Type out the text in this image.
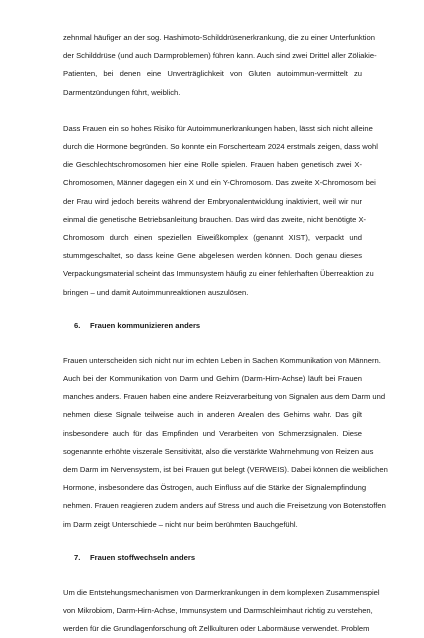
zehnmal häufiger an der sog. Hashimoto-Schilddrüsenerkrankung, die zu einer Unterfunktion
der Schilddrüse (und auch Darmproblemen) führen kann. Auch sind zwei Drittel aller Zöliakie-
Patienten, bei denen eine Unverträglichkeit von Gluten autoimmun-vermittelt zu
Darmentzündungen führt, weiblich.
Dass Frauen ein so hohes Risiko für Autoimmunerkrankungen haben, lässt sich nicht alleine
durch die Hormone begründen. So konnte ein Forscherteam 2024 erstmals zeigen, dass wohl
die Geschlechtschromosomen hier eine Rolle spielen. Frauen haben genetisch zwei X-
Chromosomen, Männer dagegen ein X und ein Y-Chromosom. Das zweite X-Chromosom bei
der Frau wird jedoch bereits während der Embryonalentwicklung inaktiviert, weil wir nur
einmal die genetische Betriebsanleitung brauchen. Das wird das zweite, nicht benötigte X-
Chromosom durch einen speziellen Eiweißkomplex (genannt XIST), verpackt und
stummgeschaltet, so dass keine Gene abgelesen werden können. Doch genau dieses
Verpackungsmaterial scheint das Immunsystem häufig zu einer fehlerhaften Überreaktion zu
bringen – und damit Autoimmunreaktionen auszulösen.
6. Frauen kommunizieren anders
Frauen unterscheiden sich nicht nur im echten Leben in Sachen Kommunikation von Männern.
Auch bei der Kommunikation von Darm und Gehirn (Darm-Hirn-Achse) läuft bei Frauen
manches anders. Frauen haben eine andere Reizverarbeitung von Signalen aus dem Darm und
nehmen diese Signale teilweise auch in anderen Arealen des Gehirns wahr. Das gilt
insbesondere auch für das Empfinden und Verarbeiten von Schmerzsignalen. Diese
sogenannte erhöhte viszerale Sensitivität, also die verstärkte Wahrnehmung von Reizen aus
dem Darm im Nervensystem, ist bei Frauen gut belegt (VERWEIS). Dabei können die weiblichen
Hormone, insbesondere das Östrogen, auch Einfluss auf die Stärke der Signalempfindung
nehmen. Frauen reagieren zudem anders auf Stress und auch die Freisetzung von Botenstoffen
im Darm zeigt Unterschiede – nicht nur beim berühmten Bauchgefühl.
7. Frauen stoffwechseln anders
Um die Entstehungsmechanismen von Darmerkrankungen in dem komplexen Zusammenspiel
von Mikrobiom, Darm-Hirn-Achse, Immunsystem und Darmschleimhaut richtig zu verstehen,
werden für die Grundlagenforschung oft Zellkulturen oder Labormäuse verwendet. Problem
